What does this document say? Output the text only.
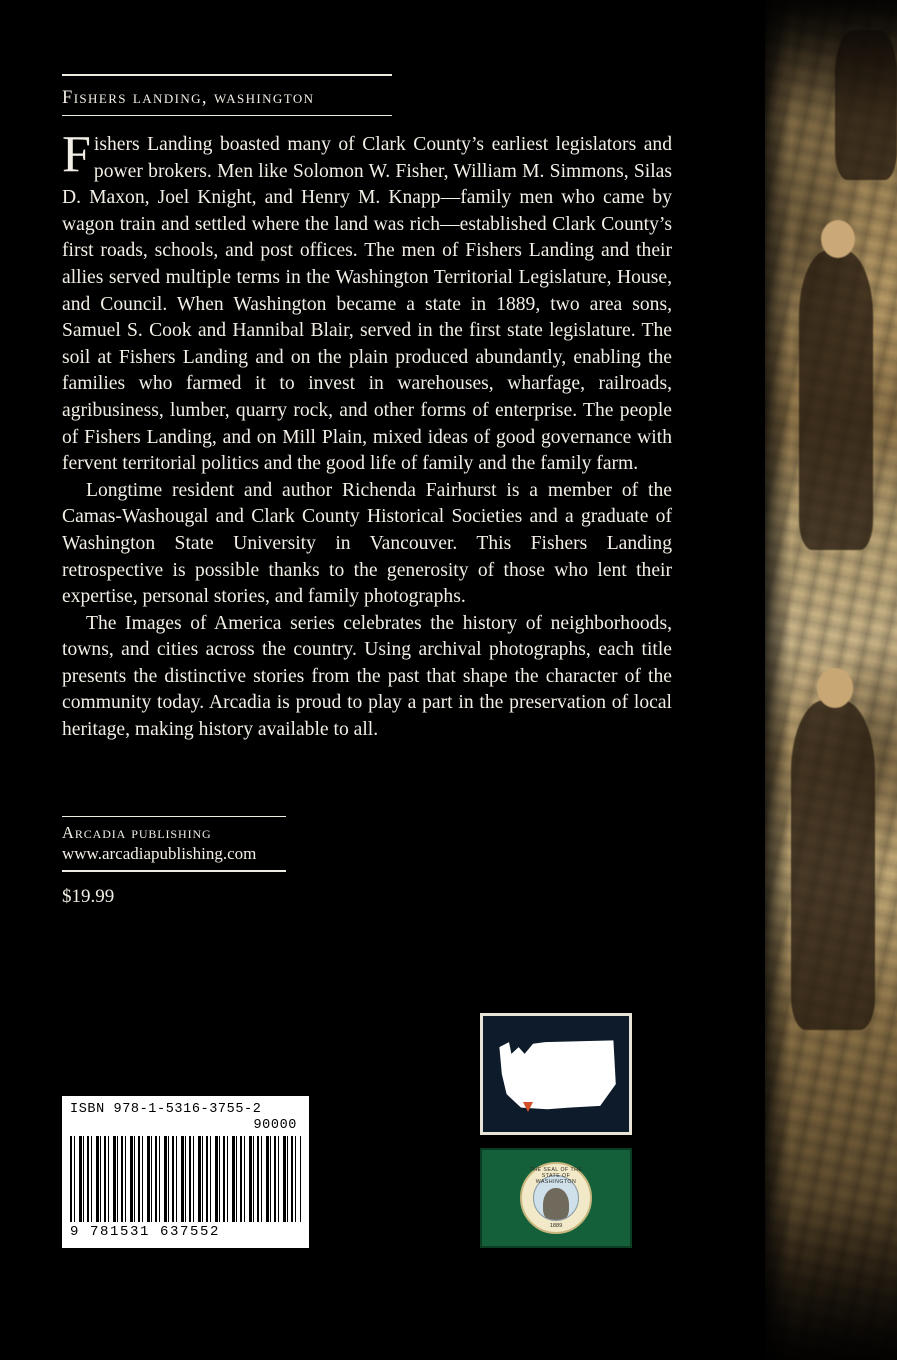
Fishers landing, washington

Fishers Landing boasted many of Clark County’s earliest legislators and power brokers. Men like Solomon W. Fisher, William M. Simmons, Silas D. Maxon, Joel Knight, and Henry M. Knapp—family men who came by wagon train and settled where the land was rich—established Clark County’s first roads, schools, and post offices. The men of Fishers Landing and their allies served multiple terms in the Washington Territorial Legislature, House, and Council. When Washington became a state in 1889, two area sons, Samuel S. Cook and Hannibal Blair, served in the first state legislature. The soil at Fishers Landing and on the plain produced abundantly, enabling the families who farmed it to invest in warehouses, wharfage, railroads, agribusiness, lumber, quarry rock, and other forms of enterprise. The people of Fishers Landing, and on Mill Plain, mixed ideas of good governance with fervent territorial politics and the good life of family and the family farm.

Longtime resident and author Richenda Fairhurst is a member of the Camas-Washougal and Clark County Historical Societies and a graduate of Washington State University in Vancouver. This Fishers Landing retrospective is possible thanks to the generosity of those who lent their expertise, personal stories, and family photographs.

The Images of America series celebrates the history of neighborhoods, towns, and cities across the country. Using archival photographs, each title presents the distinctive stories from the past that shape the character of the community today. Arcadia is proud to play a part in the preservation of local heritage, making history available to all.

Arcadia publishing
www.arcadiapublishing.com
$19.99
ISBN 978-1-5316-3755-2
90000
9 781531 637552
THE SEAL OF THE STATE OF WASHINGTON
1889
